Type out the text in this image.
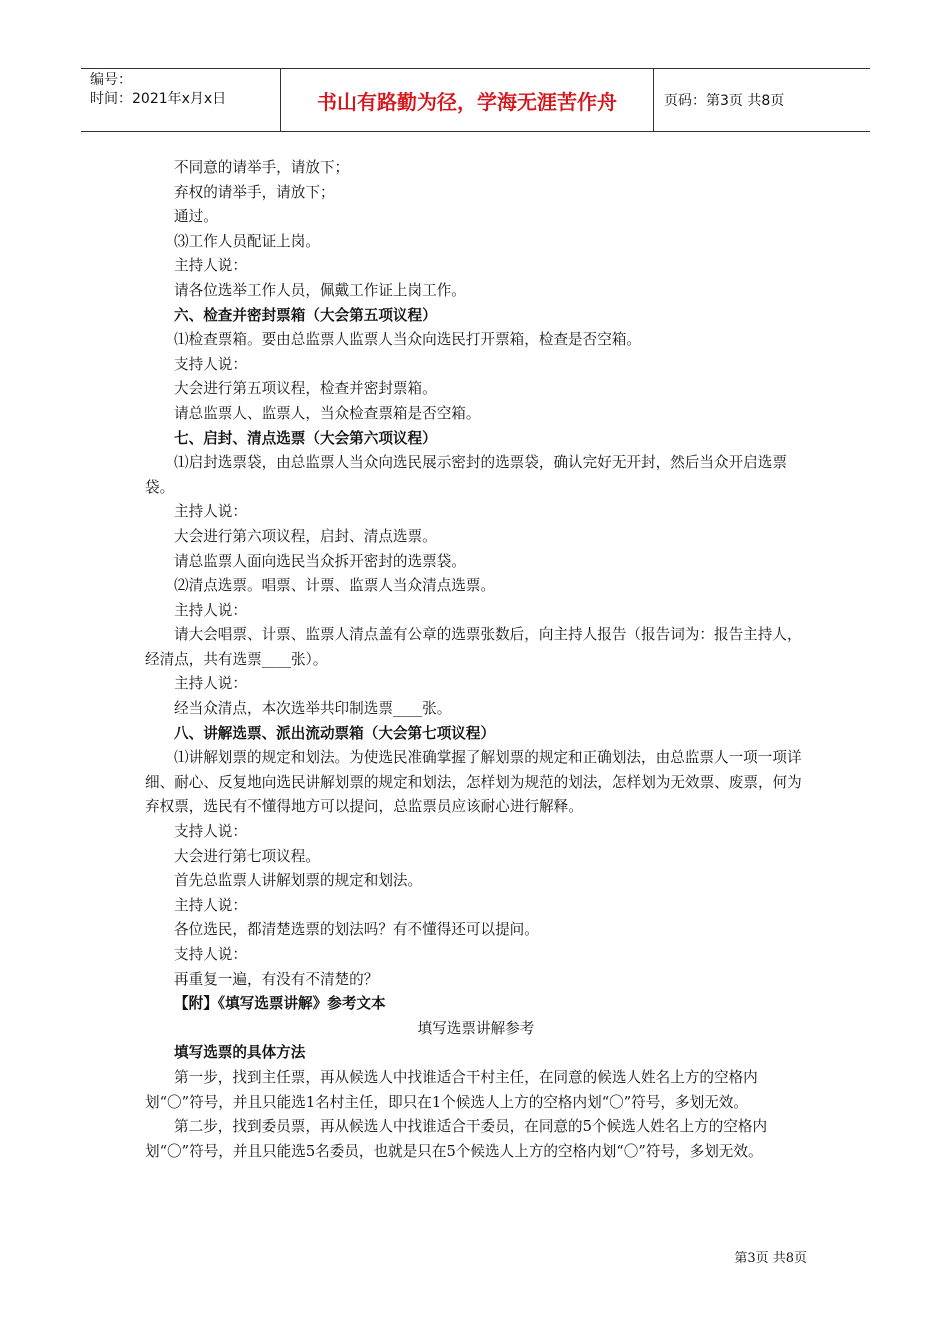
编号：
时间：2021年x月x日	书山有路勤为径，学海无涯苦作舟	页码：第3页 共8页

不同意的请举手，请放下；

弃权的请举手，请放下；

通过。

⑶工作人员配证上岗。

主持人说：

请各位选举工作人员，佩戴工作证上岗工作。

六、检查并密封票箱（大会第五项议程）

⑴检查票箱。要由总监票人监票人当众向选民打开票箱，检查是否空箱。

支持人说：

大会进行第五项议程，检查并密封票箱。

请总监票人、监票人，当众检查票箱是否空箱。

七、启封、清点选票（大会第六项议程）

⑴启封选票袋，由总监票人当众向选民展示密封的选票袋，确认完好无开封，然后当众开启选票袋。

主持人说：

大会进行第六项议程，启封、清点选票。

请总监票人面向选民当众拆开密封的选票袋。

⑵清点选票。唱票、计票、监票人当众清点选票。

主持人说：

请大会唱票、计票、监票人清点盖有公章的选票张数后，向主持人报告（报告词为：报告主持人，经清点，共有选票____张）。

主持人说：

经当众清点，本次选举共印制选票____张。

八、讲解选票、派出流动票箱（大会第七项议程）

⑴讲解划票的规定和划法。为使选民准确掌握了解划票的规定和正确划法，由总监票人一项一项详细、耐心、反复地向选民讲解划票的规定和划法，怎样划为规范的划法，怎样划为无效票、废票，何为弃权票，选民有不懂得地方可以提问，总监票员应该耐心进行解释。

支持人说：

大会进行第七项议程。

首先总监票人讲解划票的规定和划法。

主持人说：

各位选民，都清楚选票的划法吗？有不懂得还可以提问。

支持人说：

再重复一遍，有没有不清楚的？

【附】《填写选票讲解》参考文本

填写选票讲解参考

填写选票的具体方法

第一步，找到主任票，再从候选人中找谁适合干村主任，在同意的候选人姓名上方的空格内划“〇”符号，并且只能选1名村主任，即只在1个候选人上方的空格内划“〇”符号，多划无效。

第二步，找到委员票，再从候选人中找谁适合干委员，在同意的5个候选人姓名上方的空格内划“〇”符号，并且只能选5名委员，也就是只在5个候选人上方的空格内划“〇”符号，多划无效。

第3页 共8页
